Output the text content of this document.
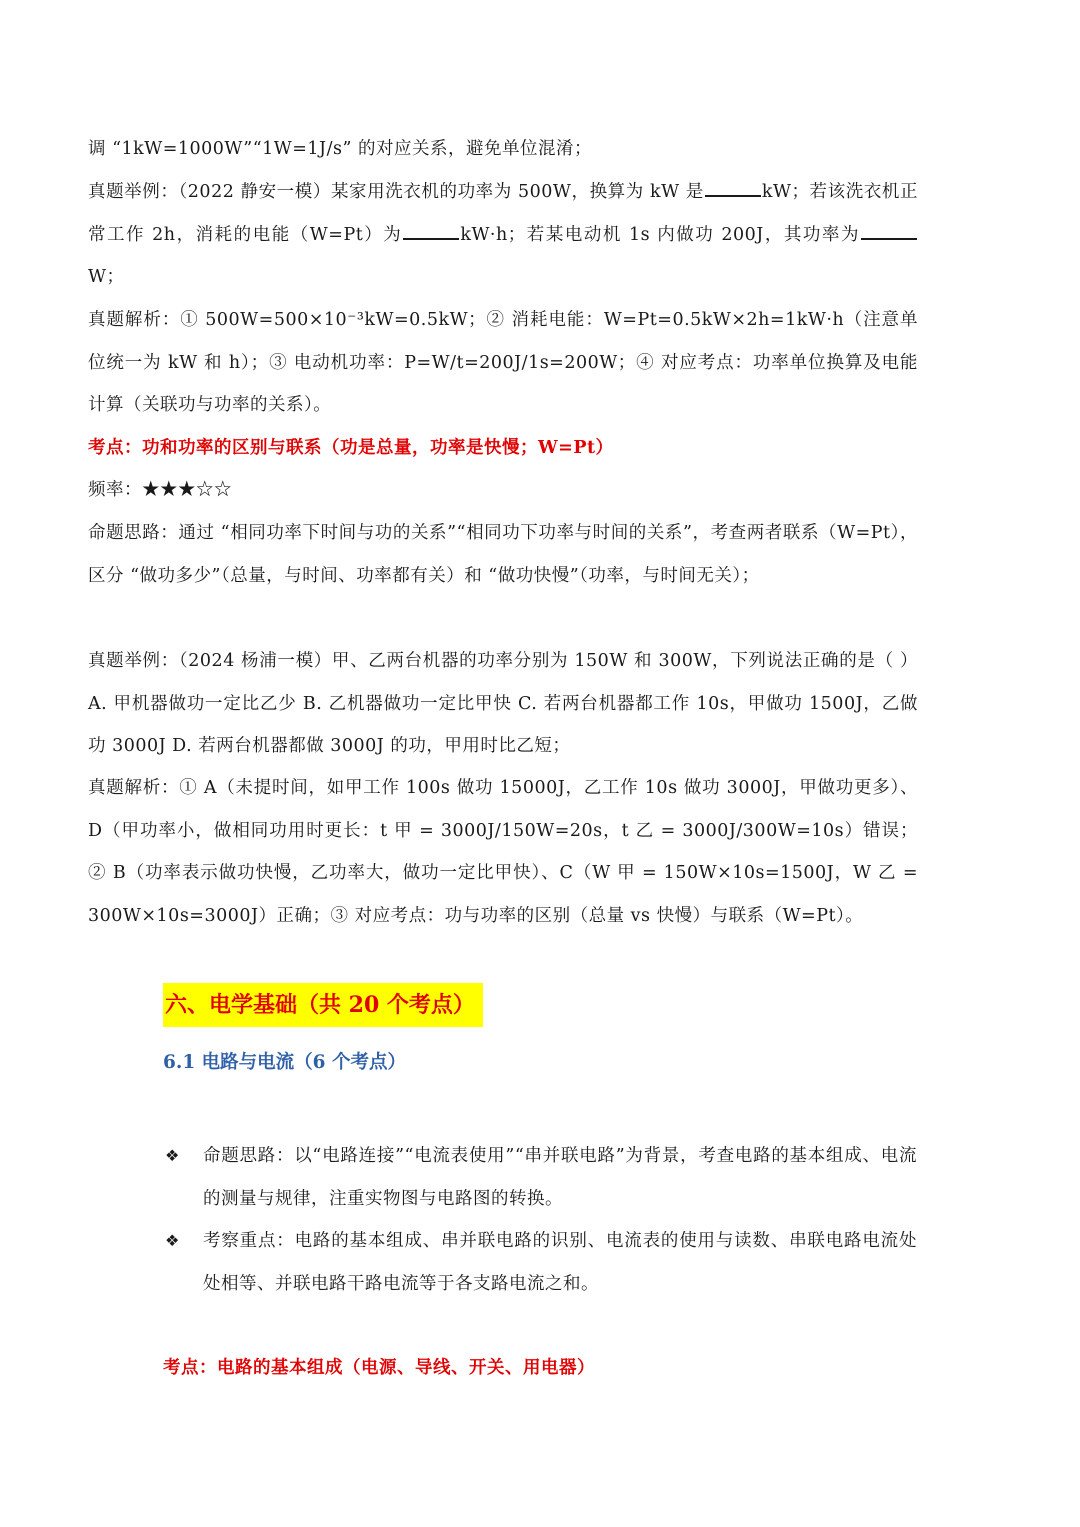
调 “1kW=1000W”“1W=1J/s” 的对应关系，避免单位混淆；
真题举例：（2022 静安一模）某家用洗衣机的功率为 500W，换算为 kW 是	kW；若该洗衣机正常工作 2h，消耗的电能（W=Pt）为	kW·h；若某电动机 1s 内做功 200J，其功率为W；
真题解析：① 500W=500×10⁻³kW=0.5kW；② 消耗电能：W=Pt=0.5kW×2h=1kW·h（注意单位统一为 kW 和 h）；③ 电动机功率：P=W/t=200J/1s=200W；④ 对应考点：功率单位换算及电能计算（关联功与功率的关系）。
考点：功和功率的区别与联系（功是总量，功率是快慢；W=Pt）
频率：★★★☆☆
命题思路：通过 “相同功率下时间与功的关系”“相同功下功率与时间的关系”，考查两者联系（W=Pt），区分 “做功多少”（总量，与时间、功率都有关）和 “做功快慢”（功率，与时间无关）；
真题举例：（2024 杨浦一模）甲、乙两台机器的功率分别为 150W 和 300W，下列说法正确的是（ ）A. 甲机器做功一定比乙少 B. 乙机器做功一定比甲快 C. 若两台机器都工作 10s，甲做功 1500J，乙做功 3000J D. 若两台机器都做 3000J 的功，甲用时比乙短；
真题解析：① A（未提时间，如甲工作 100s 做功 15000J，乙工作 10s 做功 3000J，甲做功更多）、D（甲功率小，做相同功用时更长：t 甲 = 3000J/150W=20s，t 乙 = 3000J/300W=10s）错误；② B（功率表示做功快慢，乙功率大，做功一定比甲快）、C（W 甲 = 150W×10s=1500J，W 乙 = 300W×10s=3000J）正确；③ 对应考点：功与功率的区别（总量 vs 快慢）与联系（W=Pt）。
六、电学基础（共 20 个考点）
6.1 电路与电流（6 个考点）
❖	命题思路：以“电路连接”“电流表使用”“串并联电路”为背景，考查电路的基本组成、电流的测量与规律，注重实物图与电路图的转换。
❖	考察重点：电路的基本组成、串并联电路的识别、电流表的使用与读数、串联电路电流处处相等、并联电路干路电流等于各支路电流之和。
考点：电路的基本组成（电源、导线、开关、用电器）
